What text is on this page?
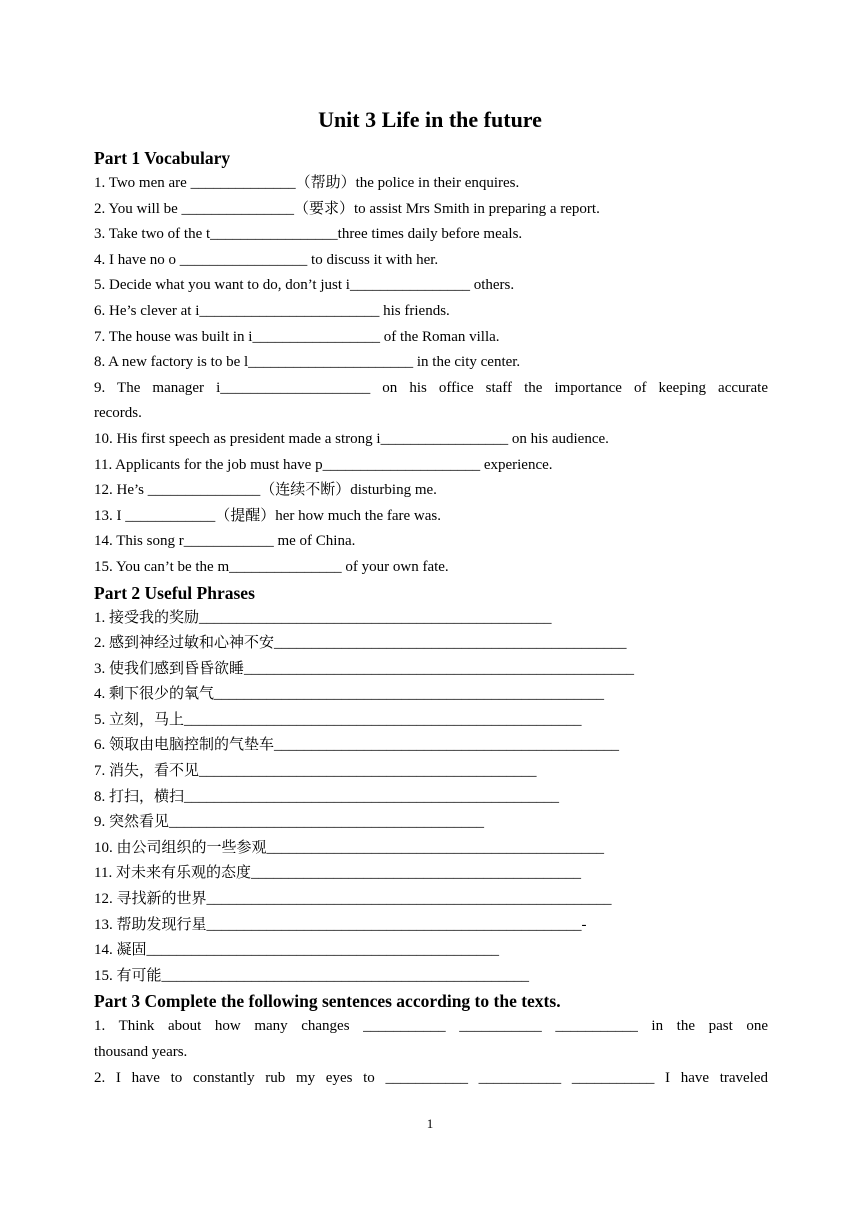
Unit 3 Life in the future
Part 1 Vocabulary
1. Two men are ______________（帮助）the police in their enquires.
2. You will be _______________（要求）to assist Mrs Smith in preparing a report.
3. Take two of the t_________________three times daily before meals.
4. I have no o _________________ to discuss it with her.
5. Decide what you want to do, don’t just i________________ others.
6. He’s clever at i________________________ his friends.
7. The house was built in i_________________ of the Roman villa.
8. A new factory is to be l______________________ in the city center.
9. The manager i____________________ on his office staff the importance of keeping accurate
records.
10. His first speech as president made a strong i_________________ on his audience.
11. Applicants for the job must have p_____________________ experience.
12. He’s _______________（连续不断）disturbing me.
13. I ____________（提醒）her how much the fare was.
14. This song r____________ me of China.
15. You can’t be the m_______________ of your own fate.
Part 2 Useful Phrases
1. 接受我的奖励_______________________________________________
2. 感到神经过敏和心神不安_______________________________________________
3. 使我们感到昏昏欲睡____________________________________________________
4. 剩下很少的氧气____________________________________________________
5. 立刻，马上_____________________________________________________
6. 领取由电脑控制的气垫车______________________________________________
7. 消失，看不见_____________________________________________
8. 打扫，横扫__________________________________________________
9. 突然看见__________________________________________
10. 由公司组织的一些参观_____________________________________________
11. 对未来有乐观的态度____________________________________________
12. 寻找新的世界______________________________________________________
13. 帮助发现行星__________________________________________________-
14. 凝固_______________________________________________
15. 有可能_________________________________________________
Part 3 Complete the following sentences according to the texts.
1. Think about how many changes ___________ ___________ ___________ in the past one
thousand years.
2. I have to constantly rub my eyes to ___________ ___________ ___________ I have traveled
1
